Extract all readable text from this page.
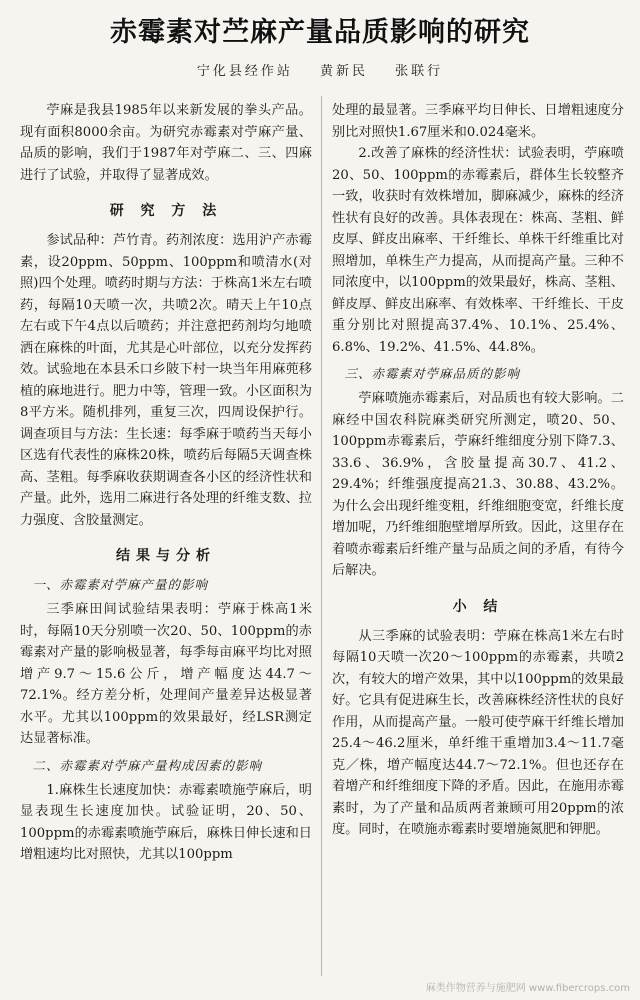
赤霉素对苎麻产量品质影响的研究
宁化县经作站 黄新民 张联行

苧麻是我县1985年以来新发展的拳头产品。现有面积8000余亩。为研究赤霉素对苧麻产量、品质的影响，我们于1987年对苧麻二、三、四麻进行了试验，并取得了显著成效。

研 究 方 法

参试品种：芦竹青。药剂浓度：选用沪产赤霉素，设20ppm、50ppm、100ppm和喷清水(对照)四个处理。喷药时期与方法：于株高1米左右喷药，每隔10天喷一次，共喷2次。晴天上午10点左右或下午4点以后喷药；并注意把药剂均匀地喷洒在麻株的叶面，尤其是心叶部位，以充分发挥药效。试验地在本县禾口乡陂下村一块当年用麻蔸移植的麻地进行。肥力中等，管理一致。小区面积为8平方米。随机排列，重复三次，四周设保护行。调查项目与方法：生长速：每季麻于喷药当天每小区选有代表性的麻株20株，喷药后每隔5天调查株高、茎粗。每季麻收获期调查各小区的经济性状和产量。此外，选用二麻进行各处理的纤维支数、拉力强度、含胶量测定。

结果与分析
一、赤霉素对苧麻产量的影响

三季麻田间试验结果表明：苧麻于株高1米时，每隔10天分别喷一次20、50、100ppm的赤霉素对产量的影响极显著，每季每亩麻平均比对照增产9.7～15.6公斤，增产幅度达44.7～72.1%。经方差分析，处理间产量差异达极显著水平。尤其以100ppm的效果最好，经LSR测定达显著标准。

二、赤霉素对苧麻产量构成因素的影响

1.麻株生长速度加快：赤霉素喷施苧麻后，明显表现生长速度加快。试验证明，20、50、100ppm的赤霉素喷施苧麻后，麻株日伸长速和日增粗速均比对照快，尤其以100ppm

处理的最显著。三季麻平均日伸长、日增粗速度分别比对照快1.67厘米和0.024毫米。

2.改善了麻株的经济性状：试验表明，苧麻喷20、50、100ppm的赤霉素后，群体生长较整齐一致，收获时有效株增加，脚麻减少，麻株的经济性状有良好的改善。具体表现在：株高、茎粗、鲜皮厚、鲜皮出麻率、干纤维长、单株干纤维重比对照增加，单株生产力提高，从而提高产量。三种不同浓度中，以100ppm的效果最好，株高、茎粗、鲜皮厚、鲜皮出麻率、有效株率、干纤维长、干皮重分别比对照提高37.4%、10.1%、25.4%、6.8%、19.2%、41.5%、44.8%。

三、赤霉素对苧麻品质的影响

苧麻喷施赤霉素后，对品质也有较大影响。二麻经中国农科院麻类研究所测定，喷20、50、100ppm赤霉素后，苧麻纤维细度分别下降7.3、33.6、36.9%，含胶量提高30.7、41.2、29.4%；纤维强度提高21.3、30.88、43.2%。为什么会出现纤维变粗，纤维细胞变宽，纤维长度增加呢，乃纤维细胞壁增厚所致。因此，这里存在着喷赤霉素后纤维产量与品质之间的矛盾，有待今后解决。

小 结

从三季麻的试验表明：苧麻在株高1米左右时每隔10天喷一次20～100ppm的赤霉素，共喷2次，有较大的增产效果，其中以100ppm的效果最好。它具有促进麻生长，改善麻株经济性状的良好作用，从而提高产量。一般可使苧麻干纤维长增加25.4～46.2厘米，单纤维干重增加3.4～11.7毫克／株，增产幅度达44.7～72.1%。但也还存在着增产和纤维细度下降的矛盾。因此，在施用赤霉素时，为了产量和品质两者兼顾可用20ppm的浓度。同时，在喷施赤霉素时要增施氮肥和钾肥。

麻类作物营养与施肥网 www.fibercrops.com
